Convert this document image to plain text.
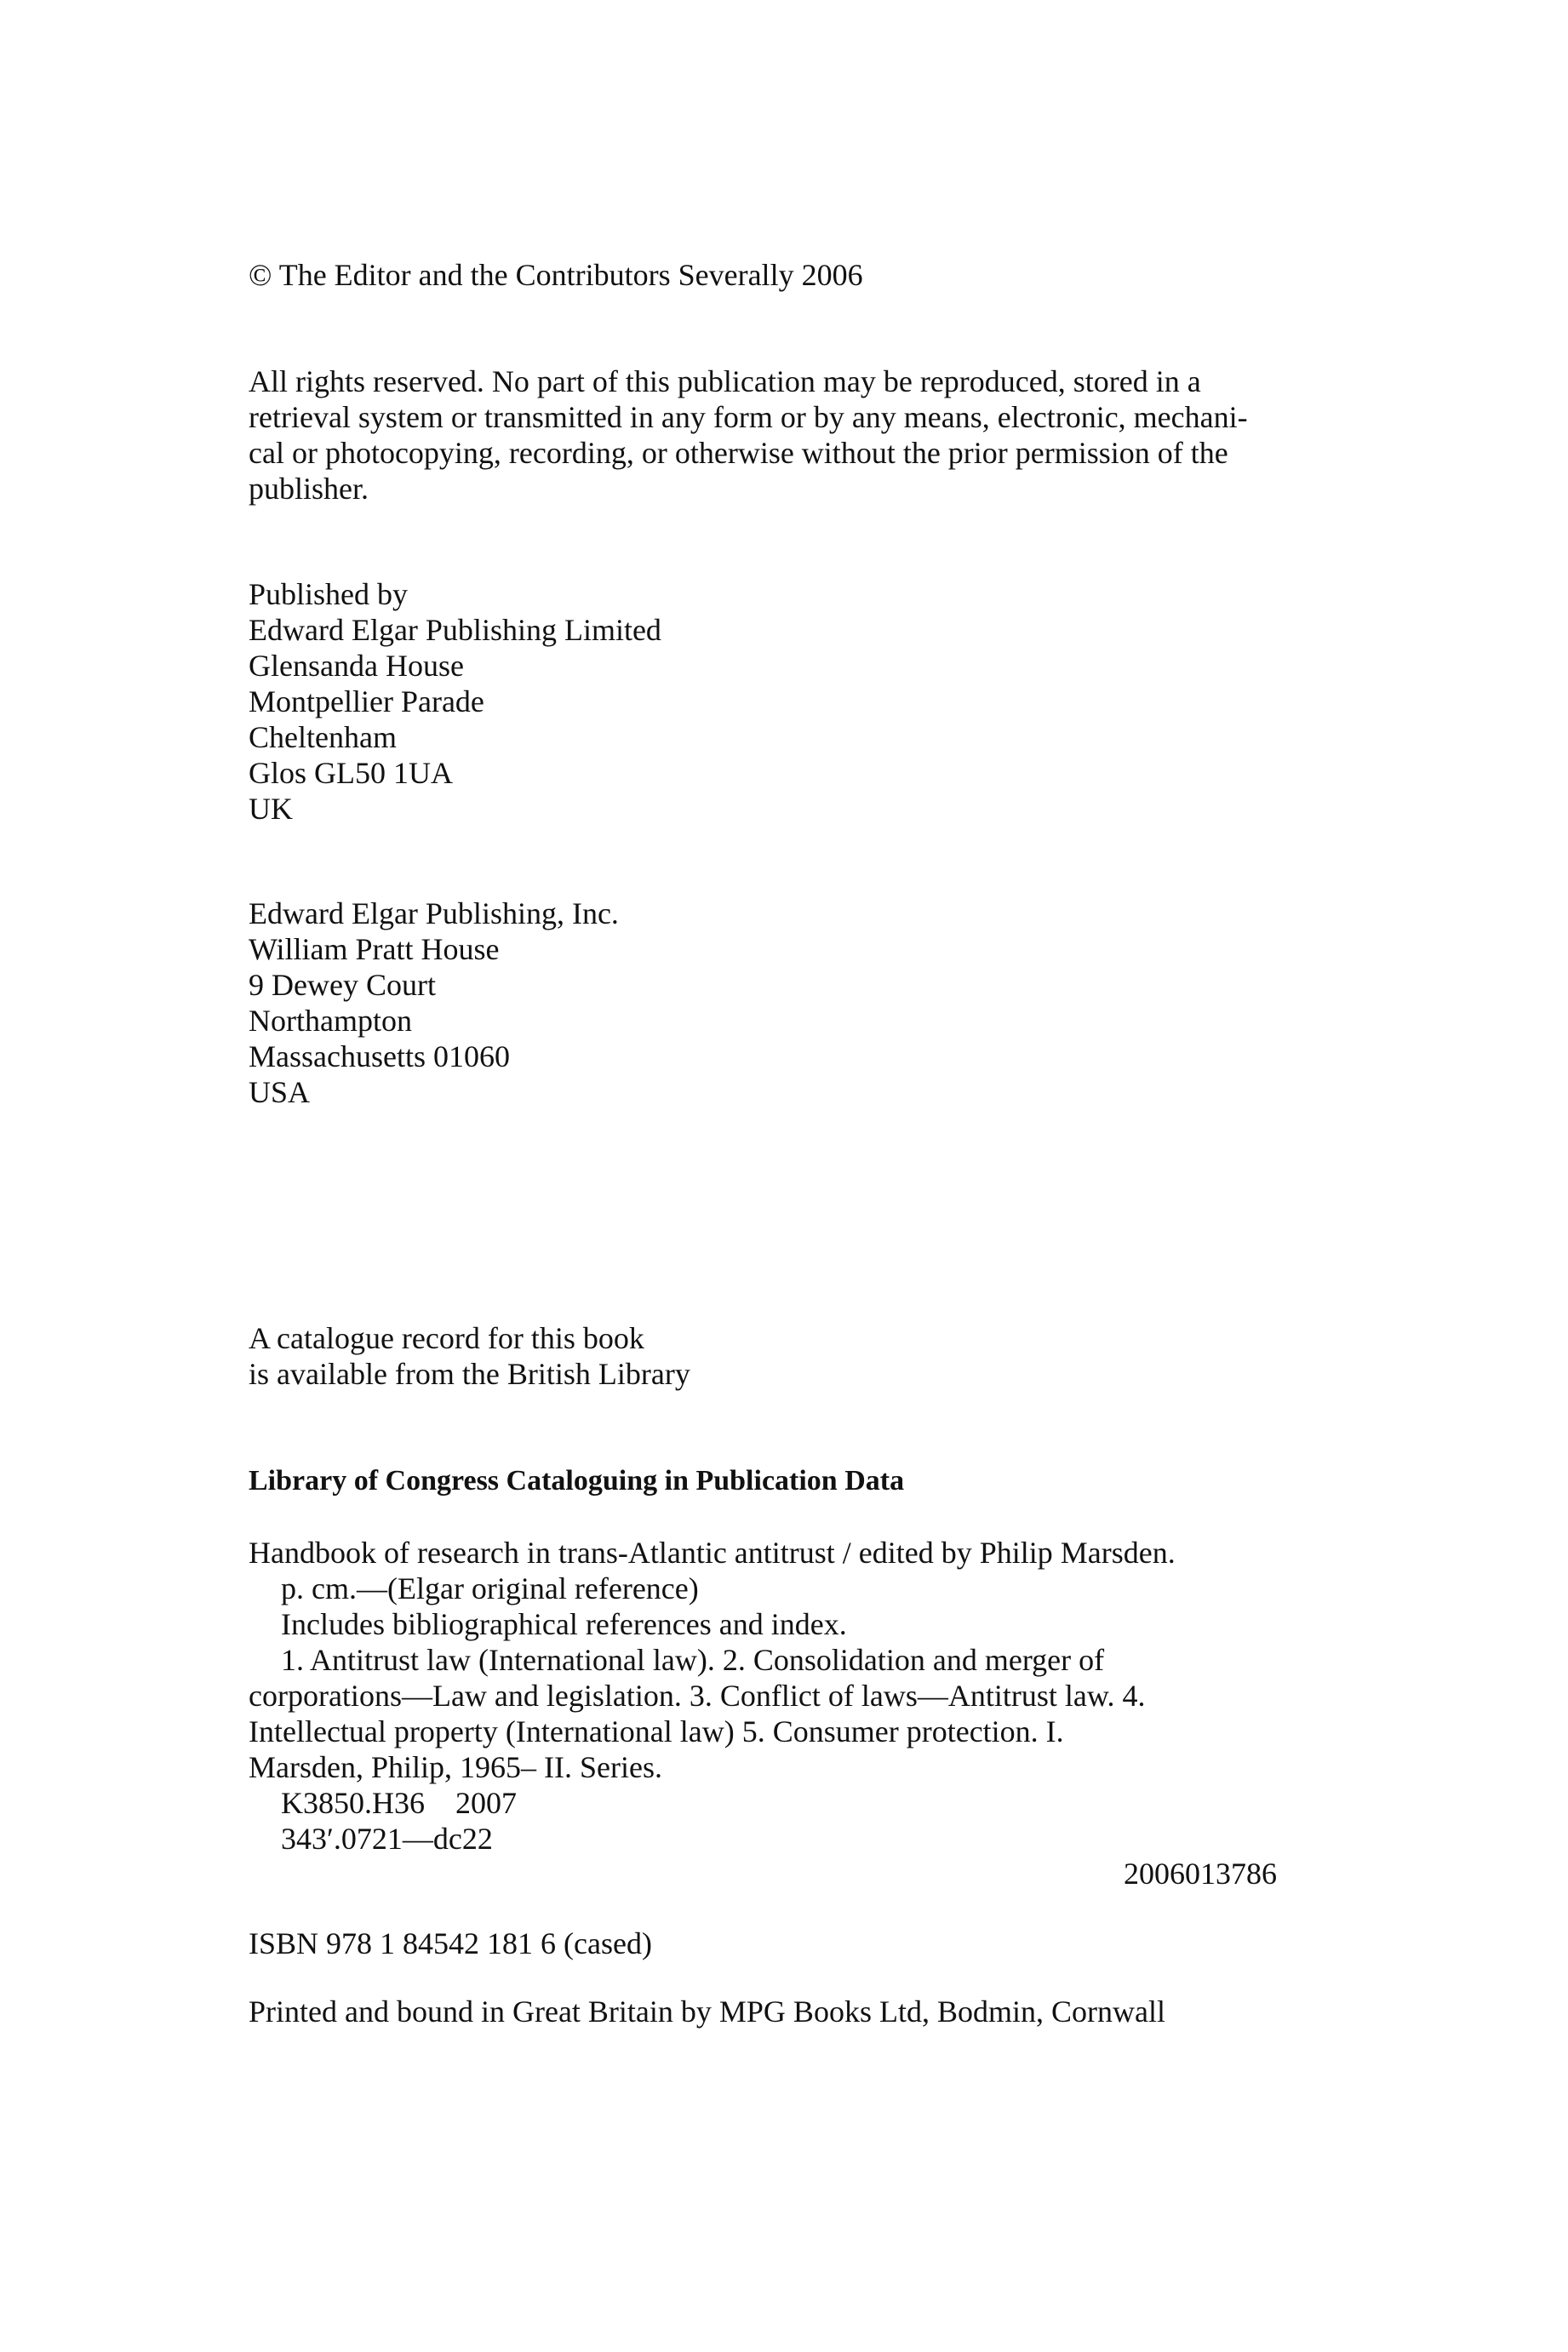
© The Editor and the Contributors Severally 2006
All rights reserved. No part of this publication may be reproduced, stored in a
retrieval system or transmitted in any form or by any means, electronic, mechani-
cal or photocopying, recording, or otherwise without the prior permission of the
publisher.
Published by
Edward Elgar Publishing Limited
Glensanda House
Montpellier Parade
Cheltenham
Glos GL50 1UA
UK
Edward Elgar Publishing, Inc.
William Pratt House
9 Dewey Court
Northampton
Massachusetts 01060
USA
A catalogue record for this book
is available from the British Library
Library of Congress Cataloguing in Publication Data
Handbook of research in trans-Atlantic antitrust / edited by Philip Marsden.
p. cm.—(Elgar original reference)
Includes bibliographical references and index.
1. Antitrust law (International law). 2. Consolidation and merger of
corporations—Law and legislation. 3. Conflict of laws—Antitrust law. 4.
Intellectual property (International law) 5. Consumer protection. I.
Marsden, Philip, 1965– II. Series.
K3850.H36    2007
343′.0721—dc22
2006013786
ISBN 978 1 84542 181 6 (cased)
Printed and bound in Great Britain by MPG Books Ltd, Bodmin, Cornwall
